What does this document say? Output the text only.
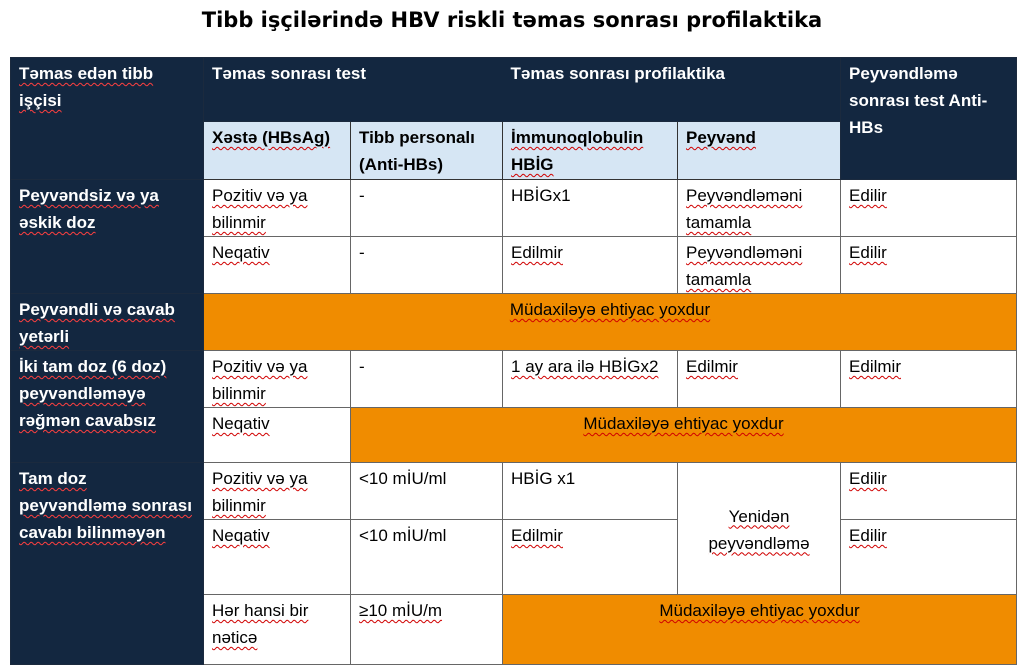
Tibb işçilərində HBV riskli təmas sonrası profilaktika
Təmas edən tibb işçisi	Təmas sonrası test		Təmas sonrası profilaktika		Peyvəndləmə sonrası test Anti-HBs
	Xəstə (HBsAg)	Tibb personalı (Anti-HBs)	İmmunoqlobulin HBİG	Peyvənd	
Peyvəndsiz və ya əskik doz	Pozitiv və ya bilinmir	-	HBİGx1	Peyvəndləməni tamamla	Edilir
	Neqativ	-	Edilmir	Peyvəndləməni tamamla	Edilir
Peyvəndli və cavab yetərli	Müdaxiləyə ehtiyac yoxdur				
İki tam doz (6 doz) peyvəndləməyə rəğmən cavabsız	Pozitiv və ya bilinmir	-	1 ay ara ilə HBİGx2	Edilmir	Edilmir
	Neqativ	Müdaxiləyə ehtiyac yoxdur			
Tam doz peyvəndləmə sonrası cavabı bilinməyən	Pozitiv və ya bilinmir	<10 mİU/ml	HBİG x1	Yenidən peyvəndləmə	Edilir
	Neqativ	<10 mİU/ml	Edilmir		Edilir
	Hər hansi bir nəticə	≥10 mİU/m	Müdaxiləyə ehtiyac yoxdur		
